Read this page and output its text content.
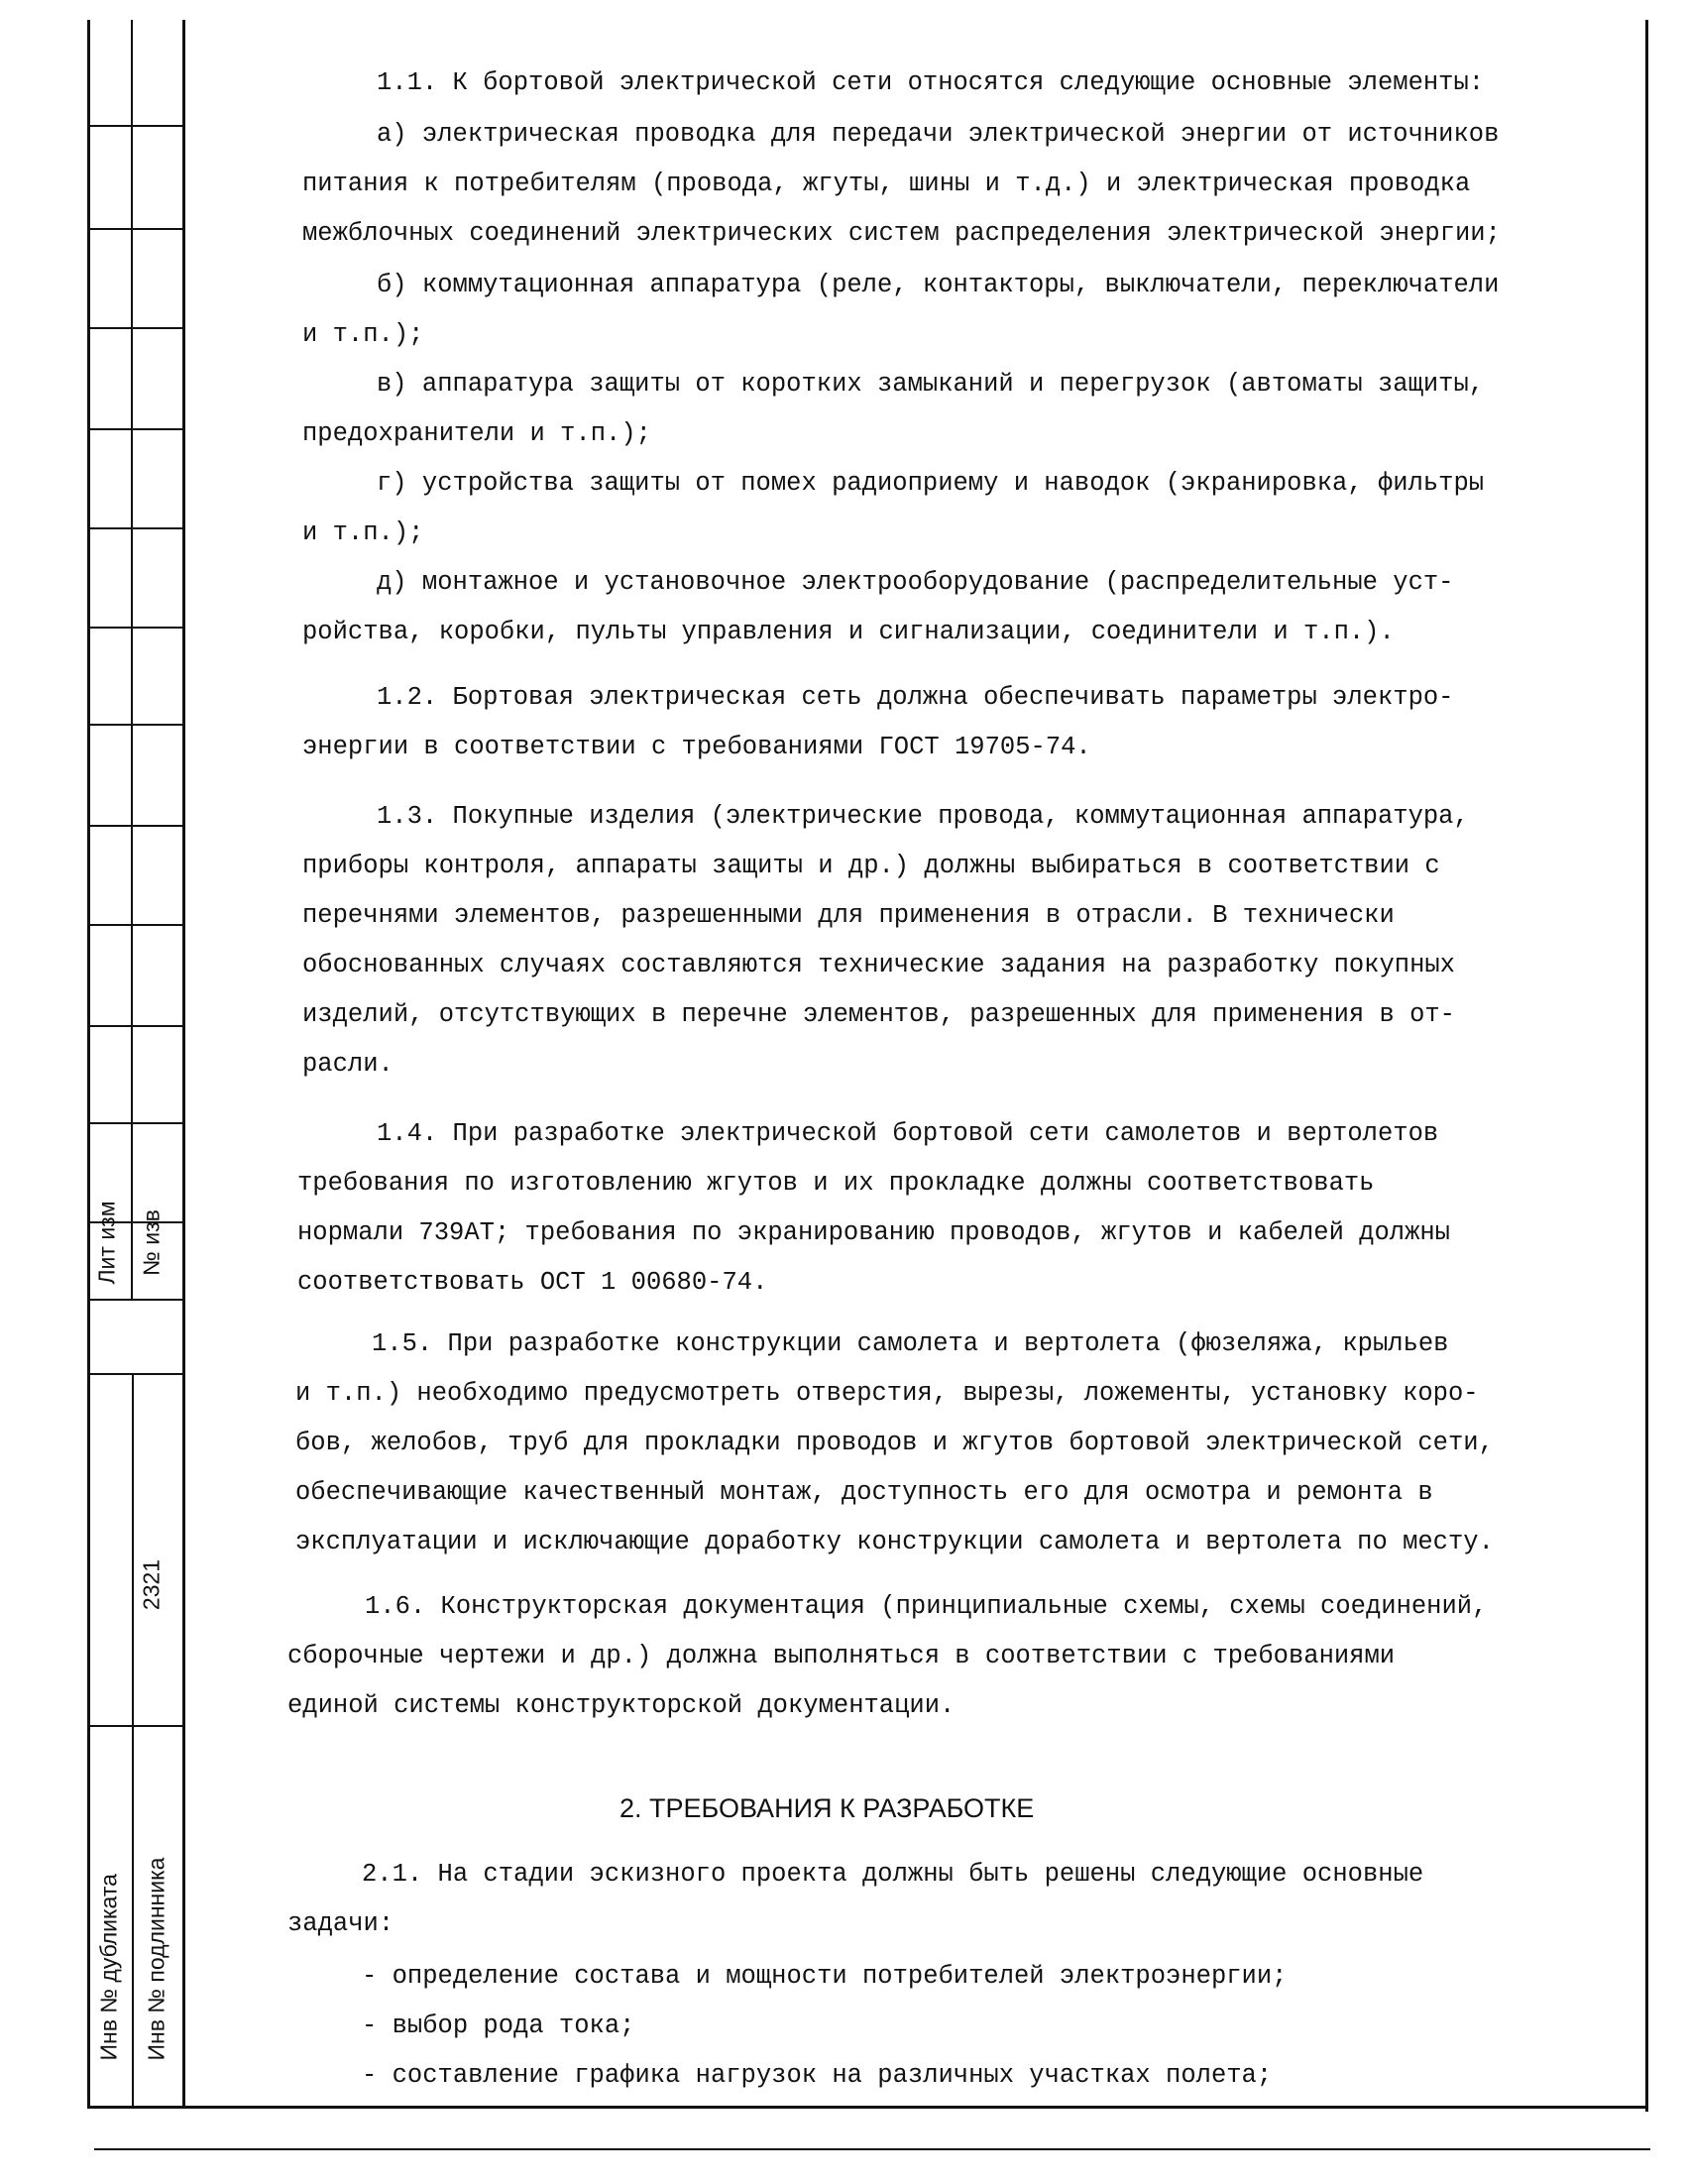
Лит изм № изв
2321
Инв № дубликата Инв № подлинника
1.1. К бортовой электрической сети относятся следующие основные элементы:
а) электрическая проводка для передачи электрической энергии от источников
питания к потребителям (провода, жгуты, шины и т.д.) и электрическая проводка
межблочных соединений электрических систем распределения электрической энергии;
б) коммутационная аппаратура (реле, контакторы, выключатели, переключатели
и т.п.);
в) аппаратура защиты от коротких замыканий и перегрузок (автоматы защиты,
предохранители и т.п.);
г) устройства защиты от помех радиоприему и наводок (экранировка, фильтры
и т.п.);
д) монтажное и установочное электрооборудование (распределительные уст-
ройства, коробки, пульты управления и сигнализации, соединители и т.п.).
1.2. Бортовая электрическая сеть должна обеспечивать параметры электро-
энергии в соответствии с требованиями ГОСТ 19705-74.
1.3. Покупные изделия (электрические провода, коммутационная аппаратура,
приборы контроля, аппараты защиты и др.) должны выбираться в соответствии с
перечнями элементов, разрешенными для применения в отрасли. В технически
обоснованных случаях составляются технические задания на разработку покупных
изделий, отсутствующих в перечне элементов, разрешенных для применения в от-
расли.
1.4. При разработке электрической бортовой сети самолетов и вертолетов
требования по изготовлению жгутов и их прокладке должны соответствовать
нормали 739АТ; требования по экранированию проводов, жгутов и кабелей должны
соответствовать ОСТ 1 00680-74.
1.5. При разработке конструкции самолета и вертолета (фюзеляжа, крыльев
и т.п.) необходимо предусмотреть отверстия, вырезы, ложементы, установку коро-
бов, желобов, труб для прокладки проводов и жгутов бортовой электрической сети,
обеспечивающие качественный монтаж, доступность его для осмотра и ремонта в
эксплуатации и исключающие доработку конструкции самолета и вертолета по месту.
1.6. Конструкторская документация (принципиальные схемы, схемы соединений,
сборочные чертежи и др.) должна выполняться в соответствии с требованиями
единой системы конструкторской документации.
2. ТРЕБОВАНИЯ К РАЗРАБОТКЕ
2.1. На стадии эскизного проекта должны быть решены следующие основные
задачи:
- определение состава и мощности потребителей электроэнергии;
- выбор рода тока;
- составление графика нагрузок на различных участках полета;
